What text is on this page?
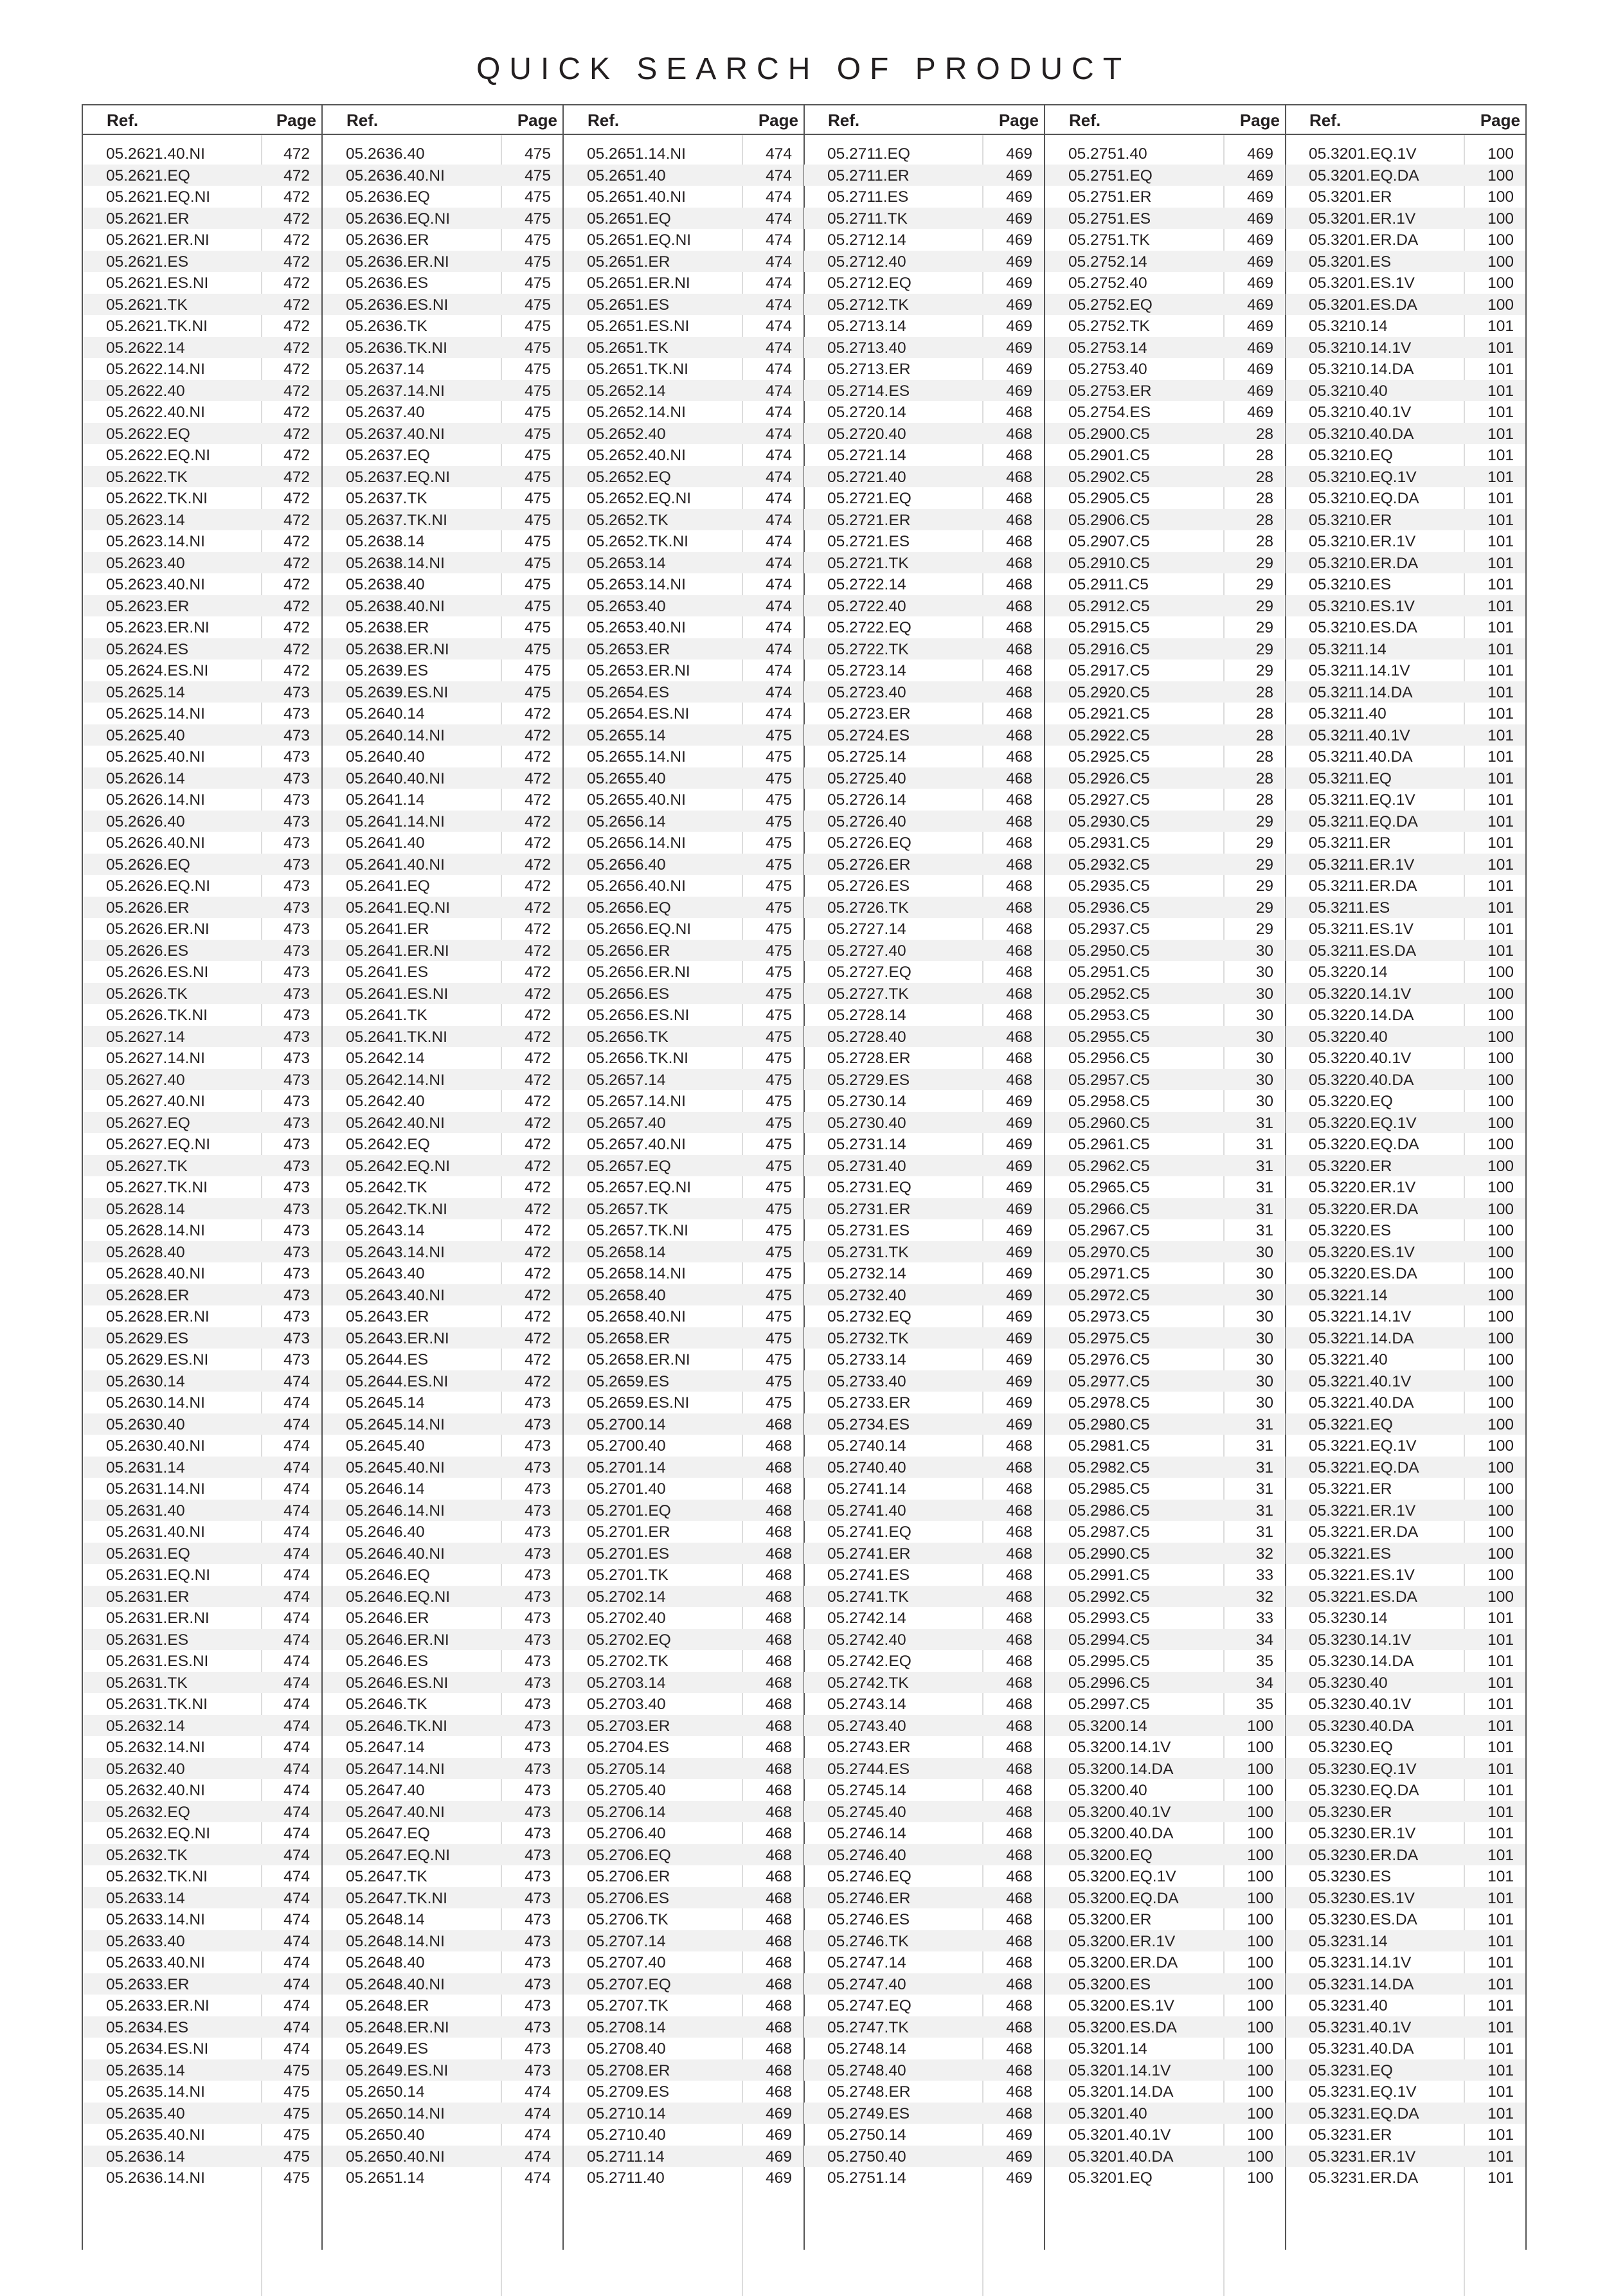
QUICK SEARCH OF PRODUCT
Ref.	Page
05.2621.40.NI	472
05.2621.EQ	472
05.2621.EQ.NI	472
05.2621.ER	472
05.2621.ER.NI	472
05.2621.ES	472
05.2621.ES.NI	472
05.2621.TK	472
05.2621.TK.NI	472
05.2622.14	472
05.2622.14.NI	472
05.2622.40	472
05.2622.40.NI	472
05.2622.EQ	472
05.2622.EQ.NI	472
05.2622.TK	472
05.2622.TK.NI	472
05.2623.14	472
05.2623.14.NI	472
05.2623.40	472
05.2623.40.NI	472
05.2623.ER	472
05.2623.ER.NI	472
05.2624.ES	472
05.2624.ES.NI	472
05.2625.14	473
05.2625.14.NI	473
05.2625.40	473
05.2625.40.NI	473
05.2626.14	473
05.2626.14.NI	473
05.2626.40	473
05.2626.40.NI	473
05.2626.EQ	473
05.2626.EQ.NI	473
05.2626.ER	473
05.2626.ER.NI	473
05.2626.ES	473
05.2626.ES.NI	473
05.2626.TK	473
05.2626.TK.NI	473
05.2627.14	473
05.2627.14.NI	473
05.2627.40	473
05.2627.40.NI	473
05.2627.EQ	473
05.2627.EQ.NI	473
05.2627.TK	473
05.2627.TK.NI	473
05.2628.14	473
05.2628.14.NI	473
05.2628.40	473
05.2628.40.NI	473
05.2628.ER	473
05.2628.ER.NI	473
05.2629.ES	473
05.2629.ES.NI	473
05.2630.14	474
05.2630.14.NI	474
05.2630.40	474
05.2630.40.NI	474
05.2631.14	474
05.2631.14.NI	474
05.2631.40	474
05.2631.40.NI	474
05.2631.EQ	474
05.2631.EQ.NI	474
05.2631.ER	474
05.2631.ER.NI	474
05.2631.ES	474
05.2631.ES.NI	474
05.2631.TK	474
05.2631.TK.NI	474
05.2632.14	474
05.2632.14.NI	474
05.2632.40	474
05.2632.40.NI	474
05.2632.EQ	474
05.2632.EQ.NI	474
05.2632.TK	474
05.2632.TK.NI	474
05.2633.14	474
05.2633.14.NI	474
05.2633.40	474
05.2633.40.NI	474
05.2633.ER	474
05.2633.ER.NI	474
05.2634.ES	474
05.2634.ES.NI	474
05.2635.14	475
05.2635.14.NI	475
05.2635.40	475
05.2635.40.NI	475
05.2636.14	475
05.2636.14.NI	475
Ref.	Page
05.2636.40	475
05.2636.40.NI	475
05.2636.EQ	475
05.2636.EQ.NI	475
05.2636.ER	475
05.2636.ER.NI	475
05.2636.ES	475
05.2636.ES.NI	475
05.2636.TK	475
05.2636.TK.NI	475
05.2637.14	475
05.2637.14.NI	475
05.2637.40	475
05.2637.40.NI	475
05.2637.EQ	475
05.2637.EQ.NI	475
05.2637.TK	475
05.2637.TK.NI	475
05.2638.14	475
05.2638.14.NI	475
05.2638.40	475
05.2638.40.NI	475
05.2638.ER	475
05.2638.ER.NI	475
05.2639.ES	475
05.2639.ES.NI	475
05.2640.14	472
05.2640.14.NI	472
05.2640.40	472
05.2640.40.NI	472
05.2641.14	472
05.2641.14.NI	472
05.2641.40	472
05.2641.40.NI	472
05.2641.EQ	472
05.2641.EQ.NI	472
05.2641.ER	472
05.2641.ER.NI	472
05.2641.ES	472
05.2641.ES.NI	472
05.2641.TK	472
05.2641.TK.NI	472
05.2642.14	472
05.2642.14.NI	472
05.2642.40	472
05.2642.40.NI	472
05.2642.EQ	472
05.2642.EQ.NI	472
05.2642.TK	472
05.2642.TK.NI	472
05.2643.14	472
05.2643.14.NI	472
05.2643.40	472
05.2643.40.NI	472
05.2643.ER	472
05.2643.ER.NI	472
05.2644.ES	472
05.2644.ES.NI	472
05.2645.14	473
05.2645.14.NI	473
05.2645.40	473
05.2645.40.NI	473
05.2646.14	473
05.2646.14.NI	473
05.2646.40	473
05.2646.40.NI	473
05.2646.EQ	473
05.2646.EQ.NI	473
05.2646.ER	473
05.2646.ER.NI	473
05.2646.ES	473
05.2646.ES.NI	473
05.2646.TK	473
05.2646.TK.NI	473
05.2647.14	473
05.2647.14.NI	473
05.2647.40	473
05.2647.40.NI	473
05.2647.EQ	473
05.2647.EQ.NI	473
05.2647.TK	473
05.2647.TK.NI	473
05.2648.14	473
05.2648.14.NI	473
05.2648.40	473
05.2648.40.NI	473
05.2648.ER	473
05.2648.ER.NI	473
05.2649.ES	473
05.2649.ES.NI	473
05.2650.14	474
05.2650.14.NI	474
05.2650.40	474
05.2650.40.NI	474
05.2651.14	474
Ref.	Page
05.2651.14.NI	474
05.2651.40	474
05.2651.40.NI	474
05.2651.EQ	474
05.2651.EQ.NI	474
05.2651.ER	474
05.2651.ER.NI	474
05.2651.ES	474
05.2651.ES.NI	474
05.2651.TK	474
05.2651.TK.NI	474
05.2652.14	474
05.2652.14.NI	474
05.2652.40	474
05.2652.40.NI	474
05.2652.EQ	474
05.2652.EQ.NI	474
05.2652.TK	474
05.2652.TK.NI	474
05.2653.14	474
05.2653.14.NI	474
05.2653.40	474
05.2653.40.NI	474
05.2653.ER	474
05.2653.ER.NI	474
05.2654.ES	474
05.2654.ES.NI	474
05.2655.14	475
05.2655.14.NI	475
05.2655.40	475
05.2655.40.NI	475
05.2656.14	475
05.2656.14.NI	475
05.2656.40	475
05.2656.40.NI	475
05.2656.EQ	475
05.2656.EQ.NI	475
05.2656.ER	475
05.2656.ER.NI	475
05.2656.ES	475
05.2656.ES.NI	475
05.2656.TK	475
05.2656.TK.NI	475
05.2657.14	475
05.2657.14.NI	475
05.2657.40	475
05.2657.40.NI	475
05.2657.EQ	475
05.2657.EQ.NI	475
05.2657.TK	475
05.2657.TK.NI	475
05.2658.14	475
05.2658.14.NI	475
05.2658.40	475
05.2658.40.NI	475
05.2658.ER	475
05.2658.ER.NI	475
05.2659.ES	475
05.2659.ES.NI	475
05.2700.14	468
05.2700.40	468
05.2701.14	468
05.2701.40	468
05.2701.EQ	468
05.2701.ER	468
05.2701.ES	468
05.2701.TK	468
05.2702.14	468
05.2702.40	468
05.2702.EQ	468
05.2702.TK	468
05.2703.14	468
05.2703.40	468
05.2703.ER	468
05.2704.ES	468
05.2705.14	468
05.2705.40	468
05.2706.14	468
05.2706.40	468
05.2706.EQ	468
05.2706.ER	468
05.2706.ES	468
05.2706.TK	468
05.2707.14	468
05.2707.40	468
05.2707.EQ	468
05.2707.TK	468
05.2708.14	468
05.2708.40	468
05.2708.ER	468
05.2709.ES	468
05.2710.14	469
05.2710.40	469
05.2711.14	469
05.2711.40	469
Ref.	Page
05.2711.EQ	469
05.2711.ER	469
05.2711.ES	469
05.2711.TK	469
05.2712.14	469
05.2712.40	469
05.2712.EQ	469
05.2712.TK	469
05.2713.14	469
05.2713.40	469
05.2713.ER	469
05.2714.ES	469
05.2720.14	468
05.2720.40	468
05.2721.14	468
05.2721.40	468
05.2721.EQ	468
05.2721.ER	468
05.2721.ES	468
05.2721.TK	468
05.2722.14	468
05.2722.40	468
05.2722.EQ	468
05.2722.TK	468
05.2723.14	468
05.2723.40	468
05.2723.ER	468
05.2724.ES	468
05.2725.14	468
05.2725.40	468
05.2726.14	468
05.2726.40	468
05.2726.EQ	468
05.2726.ER	468
05.2726.ES	468
05.2726.TK	468
05.2727.14	468
05.2727.40	468
05.2727.EQ	468
05.2727.TK	468
05.2728.14	468
05.2728.40	468
05.2728.ER	468
05.2729.ES	468
05.2730.14	469
05.2730.40	469
05.2731.14	469
05.2731.40	469
05.2731.EQ	469
05.2731.ER	469
05.2731.ES	469
05.2731.TK	469
05.2732.14	469
05.2732.40	469
05.2732.EQ	469
05.2732.TK	469
05.2733.14	469
05.2733.40	469
05.2733.ER	469
05.2734.ES	469
05.2740.14	468
05.2740.40	468
05.2741.14	468
05.2741.40	468
05.2741.EQ	468
05.2741.ER	468
05.2741.ES	468
05.2741.TK	468
05.2742.14	468
05.2742.40	468
05.2742.EQ	468
05.2742.TK	468
05.2743.14	468
05.2743.40	468
05.2743.ER	468
05.2744.ES	468
05.2745.14	468
05.2745.40	468
05.2746.14	468
05.2746.40	468
05.2746.EQ	468
05.2746.ER	468
05.2746.ES	468
05.2746.TK	468
05.2747.14	468
05.2747.40	468
05.2747.EQ	468
05.2747.TK	468
05.2748.14	468
05.2748.40	468
05.2748.ER	468
05.2749.ES	468
05.2750.14	469
05.2750.40	469
05.2751.14	469
Ref.	Page
05.2751.40	469
05.2751.EQ	469
05.2751.ER	469
05.2751.ES	469
05.2751.TK	469
05.2752.14	469
05.2752.40	469
05.2752.EQ	469
05.2752.TK	469
05.2753.14	469
05.2753.40	469
05.2753.ER	469
05.2754.ES	469
05.2900.C5	28
05.2901.C5	28
05.2902.C5	28
05.2905.C5	28
05.2906.C5	28
05.2907.C5	28
05.2910.C5	29
05.2911.C5	29
05.2912.C5	29
05.2915.C5	29
05.2916.C5	29
05.2917.C5	29
05.2920.C5	28
05.2921.C5	28
05.2922.C5	28
05.2925.C5	28
05.2926.C5	28
05.2927.C5	28
05.2930.C5	29
05.2931.C5	29
05.2932.C5	29
05.2935.C5	29
05.2936.C5	29
05.2937.C5	29
05.2950.C5	30
05.2951.C5	30
05.2952.C5	30
05.2953.C5	30
05.2955.C5	30
05.2956.C5	30
05.2957.C5	30
05.2958.C5	30
05.2960.C5	31
05.2961.C5	31
05.2962.C5	31
05.2965.C5	31
05.2966.C5	31
05.2967.C5	31
05.2970.C5	30
05.2971.C5	30
05.2972.C5	30
05.2973.C5	30
05.2975.C5	30
05.2976.C5	30
05.2977.C5	30
05.2978.C5	30
05.2980.C5	31
05.2981.C5	31
05.2982.C5	31
05.2985.C5	31
05.2986.C5	31
05.2987.C5	31
05.2990.C5	32
05.2991.C5	33
05.2992.C5	32
05.2993.C5	33
05.2994.C5	34
05.2995.C5	35
05.2996.C5	34
05.2997.C5	35
05.3200.14	100
05.3200.14.1V	100
05.3200.14.DA	100
05.3200.40	100
05.3200.40.1V	100
05.3200.40.DA	100
05.3200.EQ	100
05.3200.EQ.1V	100
05.3200.EQ.DA	100
05.3200.ER	100
05.3200.ER.1V	100
05.3200.ER.DA	100
05.3200.ES	100
05.3200.ES.1V	100
05.3200.ES.DA	100
05.3201.14	100
05.3201.14.1V	100
05.3201.14.DA	100
05.3201.40	100
05.3201.40.1V	100
05.3201.40.DA	100
05.3201.EQ	100
Ref.	Page
05.3201.EQ.1V	100
05.3201.EQ.DA	100
05.3201.ER	100
05.3201.ER.1V	100
05.3201.ER.DA	100
05.3201.ES	100
05.3201.ES.1V	100
05.3201.ES.DA	100
05.3210.14	101
05.3210.14.1V	101
05.3210.14.DA	101
05.3210.40	101
05.3210.40.1V	101
05.3210.40.DA	101
05.3210.EQ	101
05.3210.EQ.1V	101
05.3210.EQ.DA	101
05.3210.ER	101
05.3210.ER.1V	101
05.3210.ER.DA	101
05.3210.ES	101
05.3210.ES.1V	101
05.3210.ES.DA	101
05.3211.14	101
05.3211.14.1V	101
05.3211.14.DA	101
05.3211.40	101
05.3211.40.1V	101
05.3211.40.DA	101
05.3211.EQ	101
05.3211.EQ.1V	101
05.3211.EQ.DA	101
05.3211.ER	101
05.3211.ER.1V	101
05.3211.ER.DA	101
05.3211.ES	101
05.3211.ES.1V	101
05.3211.ES.DA	101
05.3220.14	100
05.3220.14.1V	100
05.3220.14.DA	100
05.3220.40	100
05.3220.40.1V	100
05.3220.40.DA	100
05.3220.EQ	100
05.3220.EQ.1V	100
05.3220.EQ.DA	100
05.3220.ER	100
05.3220.ER.1V	100
05.3220.ER.DA	100
05.3220.ES	100
05.3220.ES.1V	100
05.3220.ES.DA	100
05.3221.14	100
05.3221.14.1V	100
05.3221.14.DA	100
05.3221.40	100
05.3221.40.1V	100
05.3221.40.DA	100
05.3221.EQ	100
05.3221.EQ.1V	100
05.3221.EQ.DA	100
05.3221.ER	100
05.3221.ER.1V	100
05.3221.ER.DA	100
05.3221.ES	100
05.3221.ES.1V	100
05.3221.ES.DA	100
05.3230.14	101
05.3230.14.1V	101
05.3230.14.DA	101
05.3230.40	101
05.3230.40.1V	101
05.3230.40.DA	101
05.3230.EQ	101
05.3230.EQ.1V	101
05.3230.EQ.DA	101
05.3230.ER	101
05.3230.ER.1V	101
05.3230.ER.DA	101
05.3230.ES	101
05.3230.ES.1V	101
05.3230.ES.DA	101
05.3231.14	101
05.3231.14.1V	101
05.3231.14.DA	101
05.3231.40	101
05.3231.40.1V	101
05.3231.40.DA	101
05.3231.EQ	101
05.3231.EQ.1V	101
05.3231.EQ.DA	101
05.3231.ER	101
05.3231.ER.1V	101
05.3231.ER.DA	101
